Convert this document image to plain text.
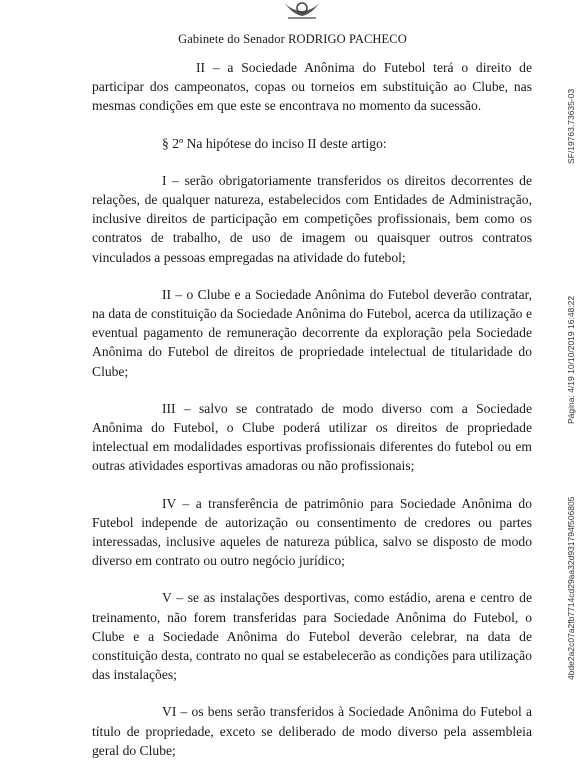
Gabinete do Senador RODRIGO PACHECO

II – a Sociedade Anônima do Futebol terá o direito de participar dos campeonatos, copas ou torneios em substituição ao Clube, nas mesmas condições em que este se encontrava no momento da sucessão.

§ 2º Na hipótese do inciso II deste artigo:

I – serão obrigatoriamente transferidos os direitos decorrentes de relações, de qualquer natureza, estabelecidos com Entidades de Administração, inclusive direitos de participação em competições profissionais, bem como os contratos de trabalho, de uso de imagem ou quaisquer outros contratos vinculados a pessoas empregadas na atividade do futebol;

II – o Clube e a Sociedade Anônima do Futebol deverão contratar, na data de constituição da Sociedade Anônima do Futebol, acerca da utilização e eventual pagamento de remuneração decorrente da exploração pela Sociedade Anônima do Futebol de direitos de propriedade intelectual de titularidade do Clube;

III – salvo se contratado de modo diverso com a Sociedade Anônima do Futebol, o Clube poderá utilizar os direitos de propriedade intelectual em modalidades esportivas profissionais diferentes do futebol ou em outras atividades esportivas amadoras ou não profissionais;

IV – a transferência de patrimônio para Sociedade Anônima do Futebol independe de autorização ou consentimento de credores ou partes interessadas, inclusive aqueles de natureza pública, salvo se disposto de modo diverso em contrato ou outro negócio jurídico;

V – se as instalações desportivas, como estádio, arena e centro de treinamento, não forem transferidas para Sociedade Anônima do Futebol, o Clube e a Sociedade Anônima do Futebol deverão celebrar, na data de constituição desta, contrato no qual se estabelecerão as condições para utilização das instalações;

VI – os bens serão transferidos à Sociedade Anônima do Futebol a título de propriedade, exceto se deliberado de modo diverso pela assembleia geral do Clube;

SF/19763.73635-03
Página: 4/19 10/10/2019 16:48:22
4bde2a2c07a2fb7714cd29aa32d931794f506805
